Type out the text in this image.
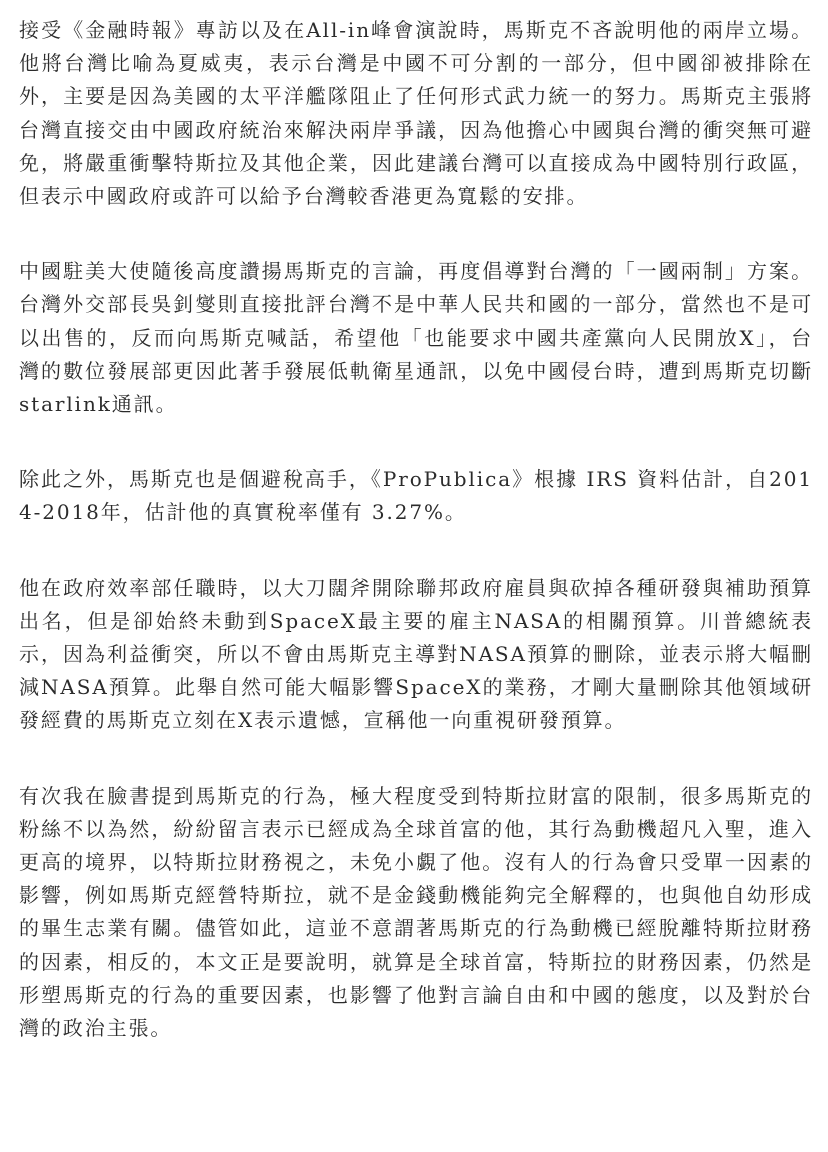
接受《金融時報》專訪以及在All-in峰會演說時，馬斯克不吝說明他的兩岸立場。他將台灣比喻為夏威夷，表示台灣是中國不可分割的一部分，但中國卻被排除在外，主要是因為美國的太平洋艦隊阻止了任何形式武力統一的努力。馬斯克主張將台灣直接交由中國政府統治來解決兩岸爭議，因為他擔心中國與台灣的衝突無可避免，將嚴重衝擊特斯拉及其他企業，因此建議台灣可以直接成為中國特別行政區，但表示中國政府或許可以給予台灣較香港更為寬鬆的安排。

中國駐美大使隨後高度讚揚馬斯克的言論，再度倡導對台灣的「一國兩制」方案。台灣外交部長吳釗燮則直接批評台灣不是中華人民共和國的一部分，當然也不是可以出售的，反而向馬斯克喊話，希望他「也能要求中國共產黨向人民開放X」，台灣的數位發展部更因此著手發展低軌衛星通訊，以免中國侵台時，遭到馬斯克切斷starlink通訊。

除此之外，馬斯克也是個避稅高手，《ProPublica》根據 IRS 資料估計，自2014-2018年，估計他的真實稅率僅有 3.27%。

他在政府效率部任職時，以大刀闊斧開除聯邦政府雇員與砍掉各種研發與補助預算出名，但是卻始終未動到SpaceX最主要的雇主NASA的相關預算。川普總統表示，因為利益衝突，所以不會由馬斯克主導對NASA預算的刪除，並表示將大幅刪減NASA預算。此舉自然可能大幅影響SpaceX的業務，才剛大量刪除其他領域研發經費的馬斯克立刻在X表示遺憾，宣稱他一向重視研發預算。

有次我在臉書提到馬斯克的行為，極大程度受到特斯拉財富的限制，很多馬斯克的粉絲不以為然，紛紛留言表示已經成為全球首富的他，其行為動機超凡入聖，進入更高的境界，以特斯拉財務視之，未免小覷了他。沒有人的行為會只受單一因素的影響，例如馬斯克經營特斯拉，就不是金錢動機能夠完全解釋的，也與他自幼形成的畢生志業有關。儘管如此，這並不意謂著馬斯克的行為動機已經脫離特斯拉財務的因素，相反的，本文正是要說明，就算是全球首富，特斯拉的財務因素，仍然是形塑馬斯克的行為的重要因素，也影響了他對言論自由和中國的態度，以及對於台灣的政治主張。
